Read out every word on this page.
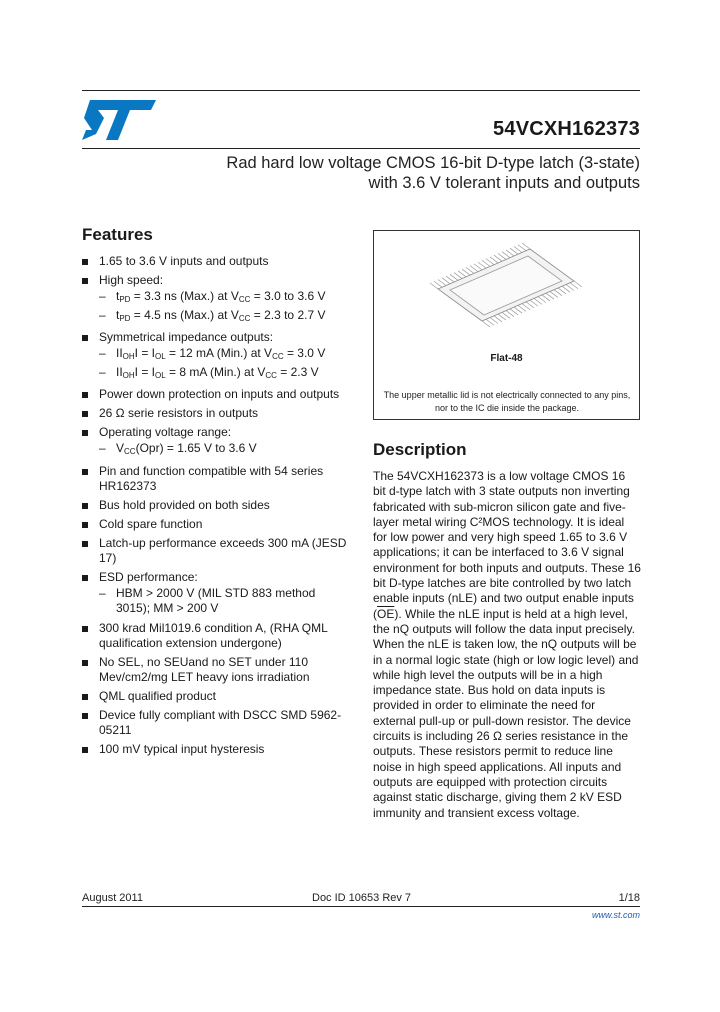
54VCXH162373
Rad hard low voltage CMOS 16-bit D-type latch (3-state)
with 3.6 V tolerant inputs and outputs
Features
1.65 to 3.6 V inputs and outputs
High speed:
– $t_{PD} = 3.3$ ns (Max.) at $V_{CC} = 3.0$ to 3.6 V
– $t_{PD} = 4.5$ ns (Max.) at $V_{CC} = 2.3$ to 2.7 V
Symmetrical impedance outputs:
– $II_{OH}I = I_{OL} = 12$ mA (Min.) at $V_{CC} = 3.0$ V
– $II_{OH}I = I_{OL} = 8$ mA (Min.) at $V_{CC} = 2.3$ V
Power down protection on inputs and outputs
26 Ω serie resistors in outputs
Operating voltage range:
– $V_{CC}(Opr) = 1.65$ V to 3.6 V
Pin and function compatible with 54 series HR162373
Bus hold provided on both sides
Cold spare function
Latch-up performance exceeds 300 mA (JESD 17)
ESD performance:
– HBM > 2000 V (MIL STD 883 method 3015); MM > 200 V
300 krad Mil1019.6 condition A, (RHA QML qualification extension undergone)
No SEL, no SEUand no SET under 110 Mev/cm2/mg LET heavy ions irradiation
QML qualified product
Device fully compliant with DSCC SMD 5962-05211
100 mV typical input hysteresis
Flat-48
The upper metallic lid is not electrically connected to any pins, nor to the IC die inside the package.
Description
The 54VCXH162373 is a low voltage CMOS 16 bit d-type latch with 3 state outputs non inverting fabricated with sub-micron silicon gate and five-layer metal wiring C²MOS technology. It is ideal for low power and very high speed 1.65 to 3.6 V applications; it can be interfaced to 3.6 V signal environment for both inputs and outputs. These 16 bit D-type latches are bite controlled by two latch enable inputs (nLE) and two output enable inputs $(\overline{OE})$. While the nLE input is held at a high level, the nQ outputs will follow the data input precisely. When the nLE is taken low, the nQ outputs will be in a normal logic state (high or low logic level) and while high level the outputs will be in a high impedance state. Bus hold on data inputs is provided in order to eliminate the need for external pull-up or pull-down resistor. The device circuits is including 26 Ω series resistance in the outputs. These resistors permit to reduce line noise in high speed applications. All inputs and outputs are equipped with protection circuits against static discharge, giving them 2 kV ESD immunity and transient excess voltage.
August 2011	Doc ID 10653 Rev 7	1/18
www.st.com
